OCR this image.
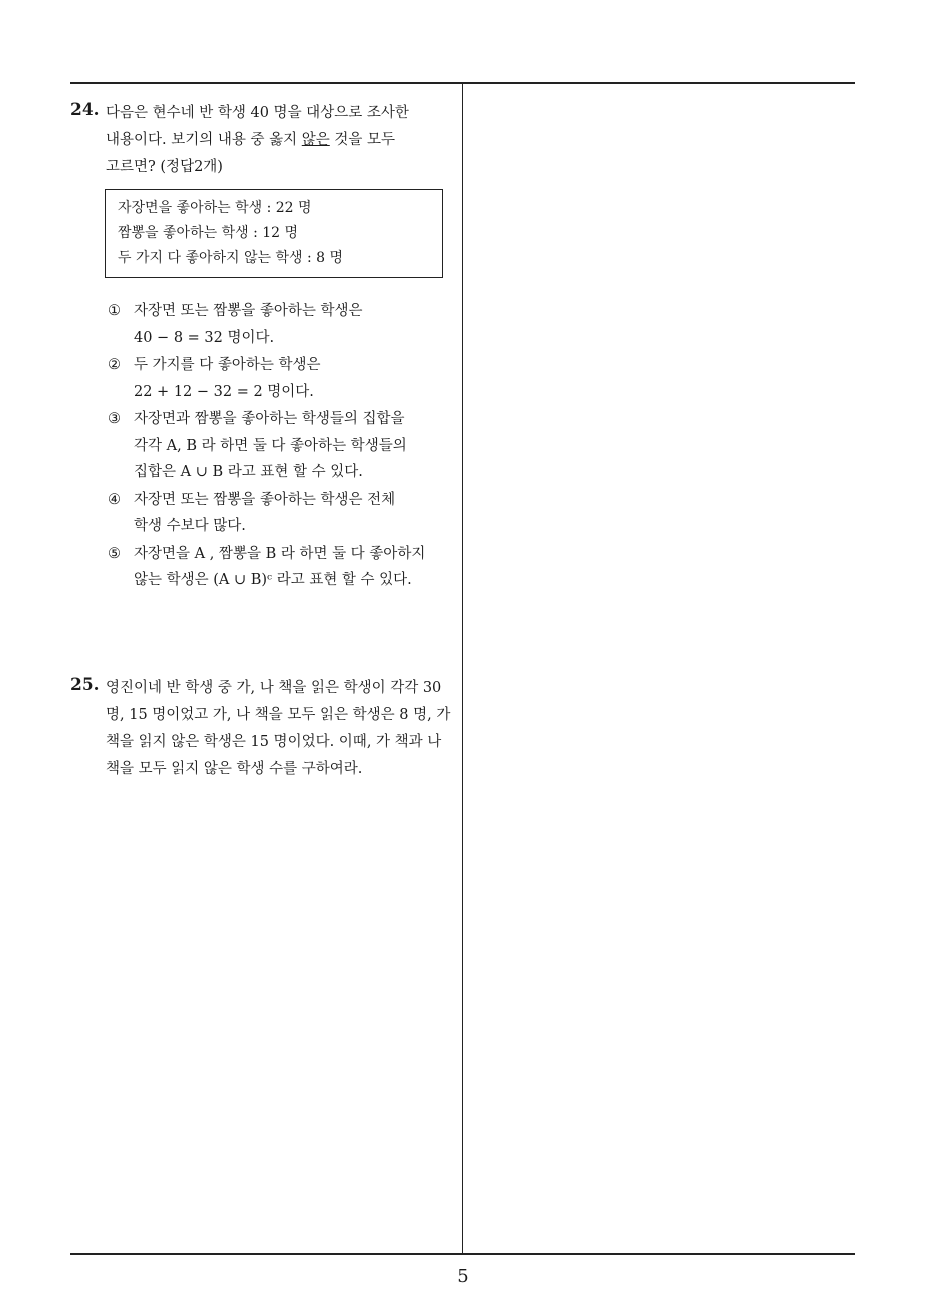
24. 다음은 현수네 반 학생 40 명을 대상으로 조사한
내용이다. 보기의 내용 중 옳지 않은 것을 모두
고르면? (정답2개)
자장면을 좋아하는 학생 : 22 명
짬뽕을 좋아하는 학생 : 12 명
두 가지 다 좋아하지 않는 학생 : 8 명
① 자장면 또는 짬뽕을 좋아하는 학생은
40 − 8 = 32 명이다.
② 두 가지를 다 좋아하는 학생은
22 + 12 − 32 = 2 명이다.
③ 자장면과 짬뽕을 좋아하는 학생들의 집합을
각각 A, B 라 하면 둘 다 좋아하는 학생들의
집합은 A ∪ B 라고 표현 할 수 있다.
④ 자장면 또는 짬뽕을 좋아하는 학생은 전체
학생 수보다 많다.
⑤ 자장면을 A , 짬뽕을 B 라 하면 둘 다 좋아하지
않는 학생은 (A ∪ B)ᶜ 라고 표현 할 수 있다.
25. 영진이네 반 학생 중 가, 나 책을 읽은 학생이 각각 30
명, 15 명이었고 가, 나 책을 모두 읽은 학생은 8 명, 가
책을 읽지 않은 학생은 15 명이었다. 이때, 가 책과 나
책을 모두 읽지 않은 학생 수를 구하여라.
5
